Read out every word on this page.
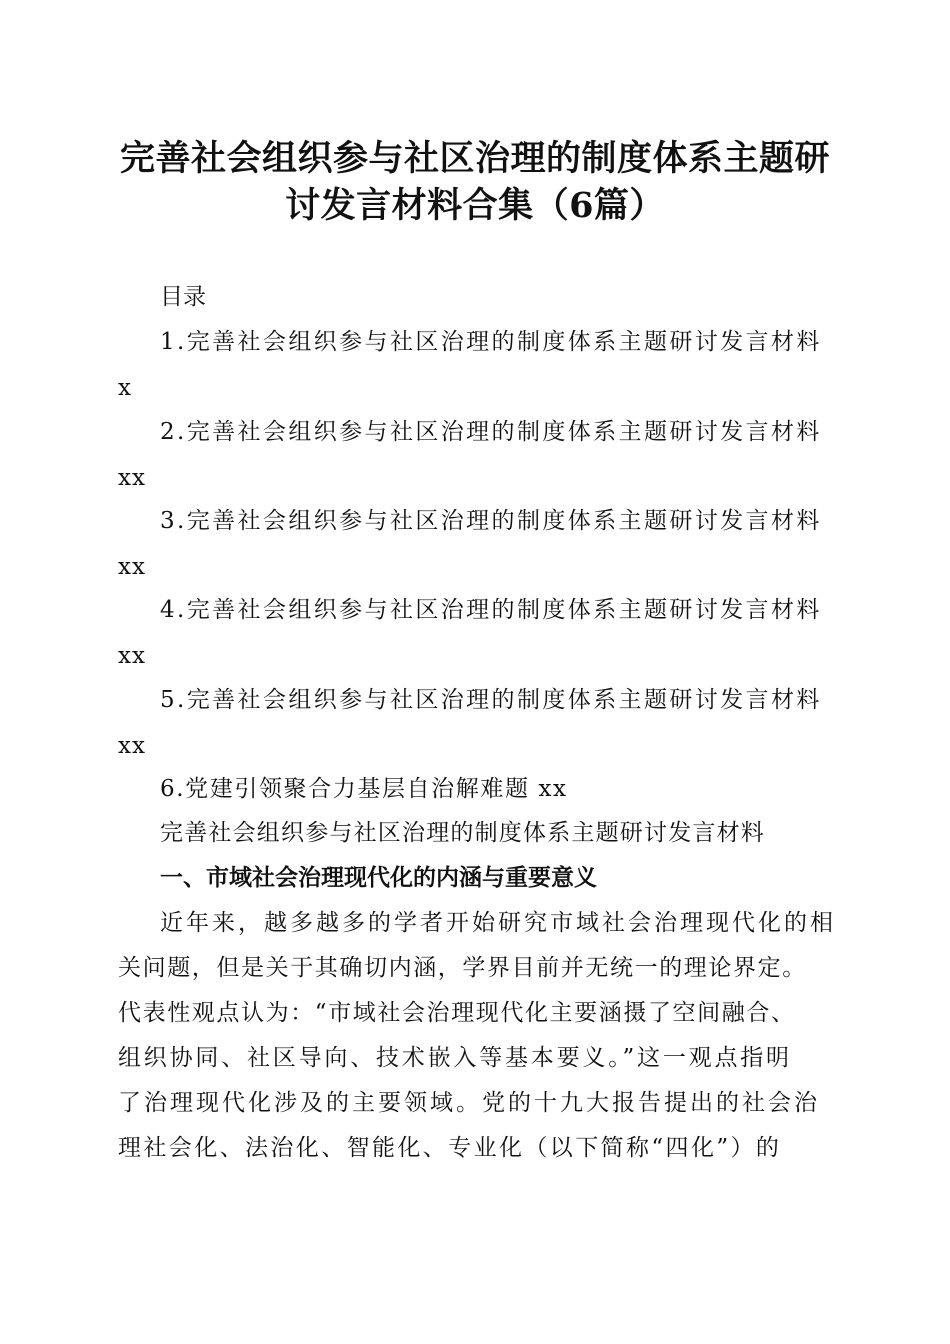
完善社会组织参与社区治理的制度体系主题研
讨发言材料合集（6篇）
目录
1.完善社会组织参与社区治理的制度体系主题研讨发言材料
x
2.完善社会组织参与社区治理的制度体系主题研讨发言材料
xx
3.完善社会组织参与社区治理的制度体系主题研讨发言材料
xx
4.完善社会组织参与社区治理的制度体系主题研讨发言材料
xx
5.完善社会组织参与社区治理的制度体系主题研讨发言材料
xx
6.党建引领聚合力基层自治解难题 xx
完善社会组织参与社区治理的制度体系主题研讨发言材料
一、市域社会治理现代化的内涵与重要意义
近年来，越多越多的学者开始研究市域社会治理现代化的相
关问题，但是关于其确切内涵，学界目前并无统一的理论界定。
代表性观点认为：“市域社会治理现代化主要涵摄了空间融合、
组织协同、社区导向、技术嵌入等基本要义。”这一观点指明
了治理现代化涉及的主要领域。党的十九大报告提出的社会治
理社会化、法治化、智能化、专业化（以下简称“四化”）的
